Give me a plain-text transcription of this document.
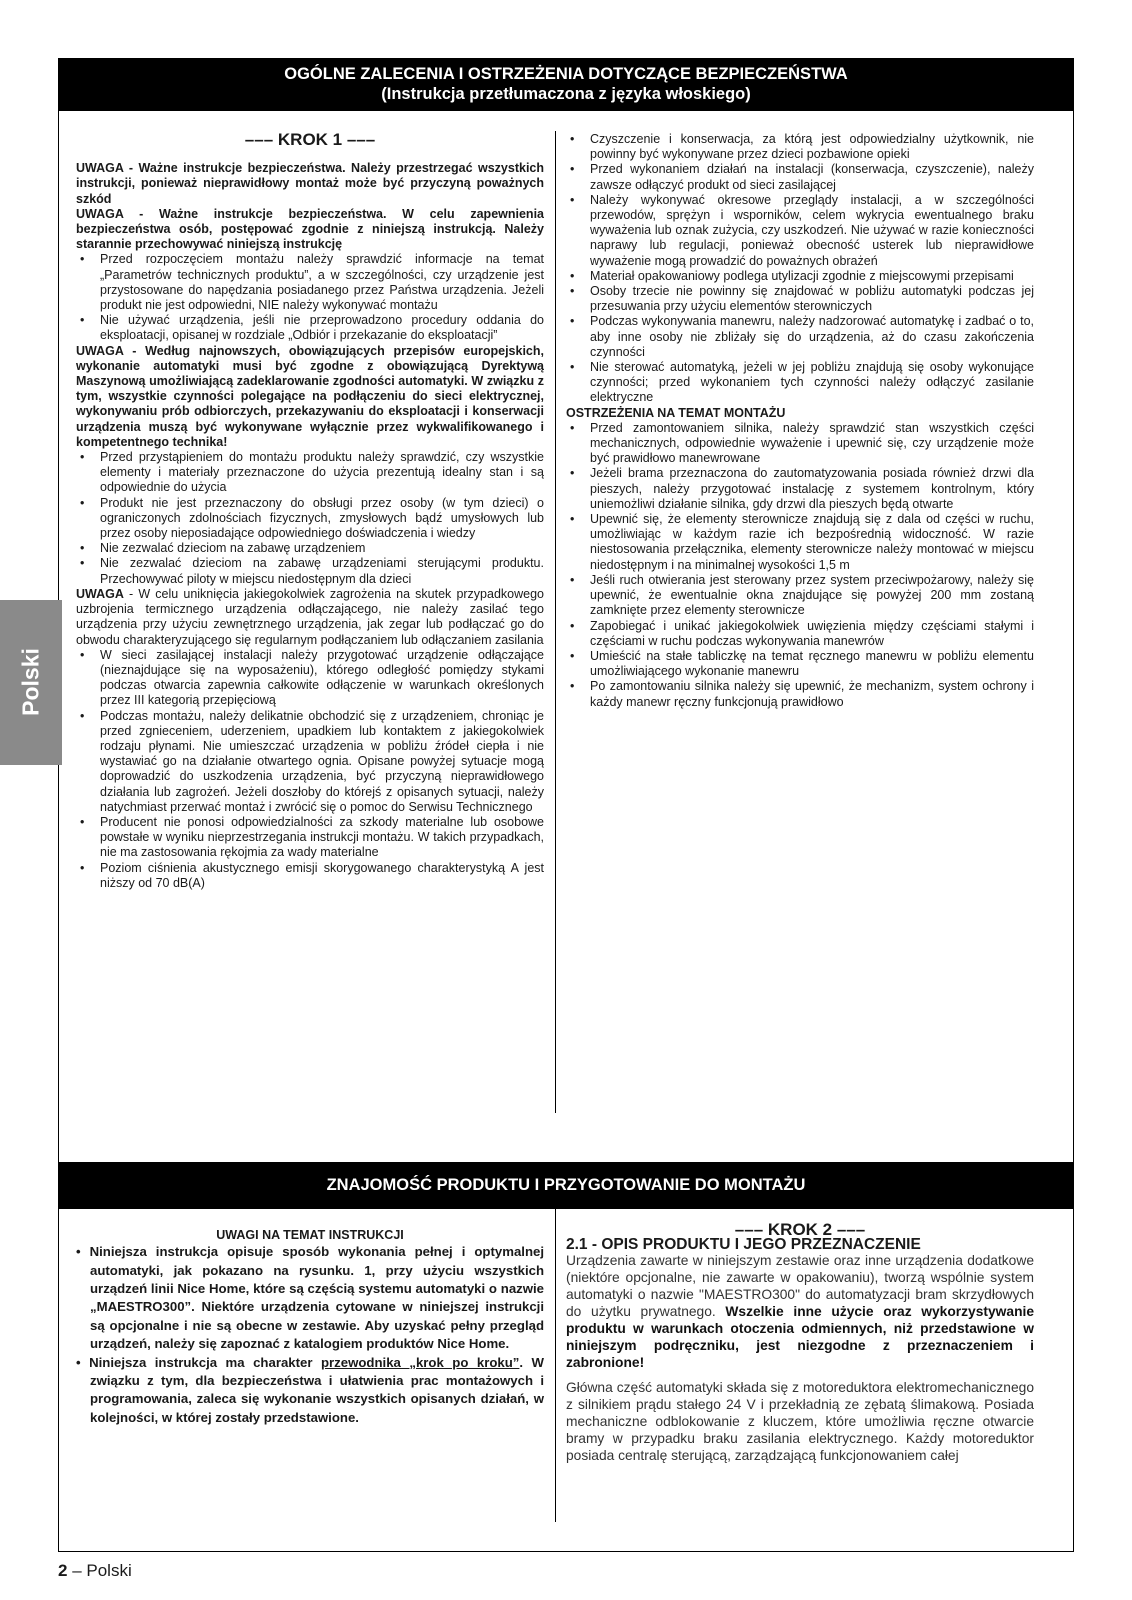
OGÓLNE ZALECENIA I OSTRZEŻENIA DOTYCZĄCE BEZPIECZEŃSTWA
(Instrukcja przetłumaczona z języka włoskiego)
Polski

––– KROK 1 –––

UWAGA - Ważne instrukcje bezpieczeństwa. Należy przestrzegać wszystkich instrukcji, ponieważ nieprawidłowy montaż może być przyczyną poważnych szkód

UWAGA - Ważne instrukcje bezpieczeństwa. W celu zapewnienia bezpieczeństwa osób, postępować zgodnie z niniejszą instrukcją. Należy starannie przechowywać niniejszą instrukcję

• Przed rozpoczęciem montażu należy sprawdzić informacje na temat „Parametrów technicznych produktu”, a w szczególności, czy urządzenie jest przystosowane do napędzania posiadanego przez Państwa urządzenia. Jeżeli produkt nie jest odpowiedni, NIE należy wykonywać montażu
• Nie używać urządzenia, jeśli nie przeprowadzono procedury oddania do eksploatacji, opisanej w rozdziale „Odbiór i przekazanie do eksploatacji”

UWAGA - Według najnowszych, obowiązujących przepisów europejskich, wykonanie automatyki musi być zgodne z obowiązującą Dyrektywą Maszynową umożliwiającą zadeklarowanie zgodności automatyki. W związku z tym, wszystkie czynności polegające na podłączeniu do sieci elektrycznej, wykonywaniu prób odbiorczych, przekazywaniu do eksploatacji i konserwacji urządzenia muszą być wykonywane wyłącznie przez wykwalifikowanego i kompetentnego technika!

• Przed przystąpieniem do montażu produktu należy sprawdzić, czy wszystkie elementy i materiały przeznaczone do użycia prezentują idealny stan i są odpowiednie do użycia
• Produkt nie jest przeznaczony do obsługi przez osoby (w tym dzieci) o ograniczonych zdolnościach fizycznych, zmysłowych bądź umysłowych lub przez osoby nieposiadające odpowiedniego doświadczenia i wiedzy
• Nie zezwalać dzieciom na zabawę urządzeniem
• Nie zezwalać dzieciom na zabawę urządzeniami sterującymi produktu. Przechowywać piloty w miejscu niedostępnym dla dzieci

UWAGA - W celu uniknięcia jakiegokolwiek zagrożenia na skutek przypadkowego uzbrojenia termicznego urządzenia odłączającego, nie należy zasilać tego urządzenia przy użyciu zewnętrznego urządzenia, jak zegar lub podłączać go do obwodu charakteryzującego się regularnym podłączaniem lub odłączaniem zasilania

• W sieci zasilającej instalacji należy przygotować urządzenie odłączające (nieznajdujące się na wyposażeniu), którego odległość pomiędzy stykami podczas otwarcia zapewnia całkowite odłączenie w warunkach określonych przez III kategorią przepięciową
• Podczas montażu, należy delikatnie obchodzić się z urządzeniem, chroniąc je przed zgnieceniem, uderzeniem, upadkiem lub kontaktem z jakiegokolwiek rodzaju płynami. Nie umieszczać urządzenia w pobliżu źródeł ciepła i nie wystawiać go na działanie otwartego ognia. Opisane powyżej sytuacje mogą doprowadzić do uszkodzenia urządzenia, być przyczyną nieprawidłowego działania lub zagrożeń. Jeżeli doszłoby do którejś z opisanych sytuacji, należy natychmiast przerwać montaż i zwrócić się o pomoc do Serwisu Technicznego
• Producent nie ponosi odpowiedzialności za szkody materialne lub osobowe powstałe w wyniku nieprzestrzegania instrukcji montażu. W takich przypadkach, nie ma zastosowania rękojmia za wady materialne
• Poziom ciśnienia akustycznego emisji skorygowanego charakterystyką A jest niższy od 70 dB(A)
• Czyszczenie i konserwacja, za którą jest odpowiedzialny użytkownik, nie powinny być wykonywane przez dzieci pozbawione opieki
• Przed wykonaniem działań na instalacji (konserwacja, czyszczenie), należy zawsze odłączyć produkt od sieci zasilającej
• Należy wykonywać okresowe przeglądy instalacji, a w szczególności przewodów, sprężyn i wsporników, celem wykrycia ewentualnego braku wyważenia lub oznak zużycia, czy uszkodzeń. Nie używać w razie konieczności naprawy lub regulacji, ponieważ obecność usterek lub nieprawidłowe wyważenie mogą prowadzić do poważnych obrażeń
• Materiał opakowaniowy podlega utylizacji zgodnie z miejscowymi przepisami
• Osoby trzecie nie powinny się znajdować w pobliżu automatyki podczas jej przesuwania przy użyciu elementów sterowniczych
• Podczas wykonywania manewru, należy nadzorować automatykę i zadbać o to, aby inne osoby nie zbliżały się do urządzenia, aż do czasu zakończenia czynności
• Nie sterować automatyką, jeżeli w jej pobliżu znajdują się osoby wykonujące czynności; przed wykonaniem tych czynności należy odłączyć zasilanie elektryczne

OSTRZEŻENIA NA TEMAT MONTAŻU

• Przed zamontowaniem silnika, należy sprawdzić stan wszystkich części mechanicznych, odpowiednie wyważenie i upewnić się, czy urządzenie może być prawidłowo manewrowane
• Jeżeli brama przeznaczona do zautomatyzowania posiada również drzwi dla pieszych, należy przygotować instalację z systemem kontrolnym, który uniemożliwi działanie silnika, gdy drzwi dla pieszych będą otwarte
• Upewnić się, że elementy sterownicze znajdują się z dala od części w ruchu, umożliwiając w każdym razie ich bezpośrednią widoczność. W razie niestosowania przełącznika, elementy sterownicze należy montować w miejscu niedostępnym i na minimalnej wysokości 1,5 m
• Jeśli ruch otwierania jest sterowany przez system przeciwpożarowy, należy się upewnić, że ewentualnie okna znajdujące się powyżej 200 mm zostaną zamknięte przez elementy sterownicze
• Zapobiegać i unikać jakiegokolwiek uwięzienia między częściami stałymi i częściami w ruchu podczas wykonywania manewrów
• Umieścić na stałe tabliczkę na temat ręcznego manewru w pobliżu elementu umożliwiającego wykonanie manewru
• Po zamontowaniu silnika należy się upewnić, że mechanizm, system ochrony i każdy manewr ręczny funkcjonują prawidłowo
ZNAJOMOŚĆ PRODUKTU I PRZYGOTOWANIE DO MONTAŻU

UWAGI NA TEMAT INSTRUKCJI

• Niniejsza instrukcja opisuje sposób wykonania pełnej i optymalnej automatyki, jak pokazano na rysunku. 1, przy użyciu wszystkich urządzeń linii Nice Home, które są częścią systemu automatyki o nazwie „MAESTRO300”. Niektóre urządzenia cytowane w niniejszej instrukcji są opcjonalne i nie są obecne w zestawie. Aby uzyskać pełny przegląd urządzeń, należy się zapoznać z katalogiem produktów Nice Home.

• Niniejsza instrukcja ma charakter przewodnika „krok po kroku”. W związku z tym, dla bezpieczeństwa i ułatwienia prac montażowych i programowania, zaleca się wykonanie wszystkich opisanych działań, w kolejności, w której zostały przedstawione.

––– KROK 2 –––

2.1 - OPIS PRODUKTU I JEGO PRZEZNACZENIE

Urządzenia zawarte w niniejszym zestawie oraz inne urządzenia dodatkowe (niektóre opcjonalne, nie zawarte w opakowaniu), tworzą wspólnie system automatyki o nazwie "MAESTRO300" do automatyzacji bram skrzydłowych do użytku prywatnego. Wszelkie inne użycie oraz wykorzystywanie produktu w warunkach otoczenia odmiennych, niż przedstawione w niniejszym podręczniku, jest niezgodne z przeznaczeniem i zabronione!

Główna część automatyki składa się z motoreduktora elektromechanicznego z silnikiem prądu stałego 24 V i przekładnią ze zębatą ślimakową. Posiada mechaniczne odblokowanie z kluczem, które umożliwia ręczne otwarcie bramy w przypadku braku zasilania elektrycznego. Każdy motoreduktor posiada centralę sterującą, zarządzającą funkcjonowaniem całej

2 – Polski
